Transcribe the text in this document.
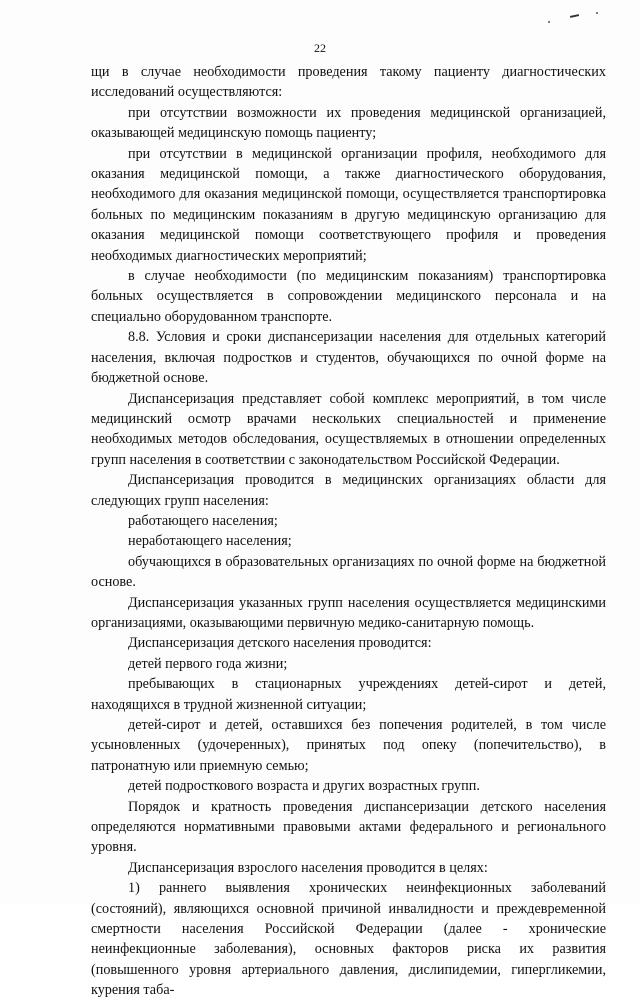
22

щи в случае необходимости проведения такому пациенту диагностических исследований осуществляются:

при отсутствии возможности их проведения медицинской организацией, оказывающей медицинскую помощь пациенту;

при отсутствии в медицинской организации профиля, необходимого для оказания медицинской помощи, а также диагностического оборудования, необходимого для оказания медицинской помощи, осуществляется транспортировка больных по медицинским показаниям в другую медицинскую организацию для оказания медицинской помощи соответствующего профиля и проведения необходимых диагностических мероприятий;

в случае необходимости (по медицинским показаниям) транспортировка больных осуществляется в сопровождении медицинского персонала и на специально оборудованном транспорте.

8.8. Условия и сроки диспансеризации населения для отдельных категорий населения, включая подростков и студентов, обучающихся по очной форме на бюджетной основе.

Диспансеризация представляет собой комплекс мероприятий, в том числе медицинский осмотр врачами нескольких специальностей и применение необходимых методов обследования, осуществляемых в отношении определенных групп населения в соответствии с законодательством Российской Федерации.

Диспансеризация проводится в медицинских организациях области для следующих групп населения:

работающего населения;

неработающего населения;

обучающихся в образовательных организациях по очной форме на бюджетной основе.

Диспансеризация указанных групп населения осуществляется медицинскими организациями, оказывающими первичную медико-санитарную помощь.

Диспансеризация детского населения проводится:

детей первого года жизни;

пребывающих в стационарных учреждениях детей-сирот и детей, находящихся в трудной жизненной ситуации;

детей-сирот и детей, оставшихся без попечения родителей, в том числе усыновленных (удочеренных), принятых под опеку (попечительство), в патронатную или приемную семью;

детей подросткового возраста и других возрастных групп.

Порядок и кратность проведения диспансеризации детского населения определяются нормативными правовыми актами федерального и регионального уровня.

Диспансеризация взрослого населения проводится в целях:

1) раннего выявления хронических неинфекционных заболеваний (состояний), являющихся основной причиной инвалидности и преждевременной смертности населения Российской Федерации (далее - хронические неинфекционные заболевания), основных факторов риска их развития (повышенного уровня артериального давления, дислипидемии, гипергликемии, курения таба-
